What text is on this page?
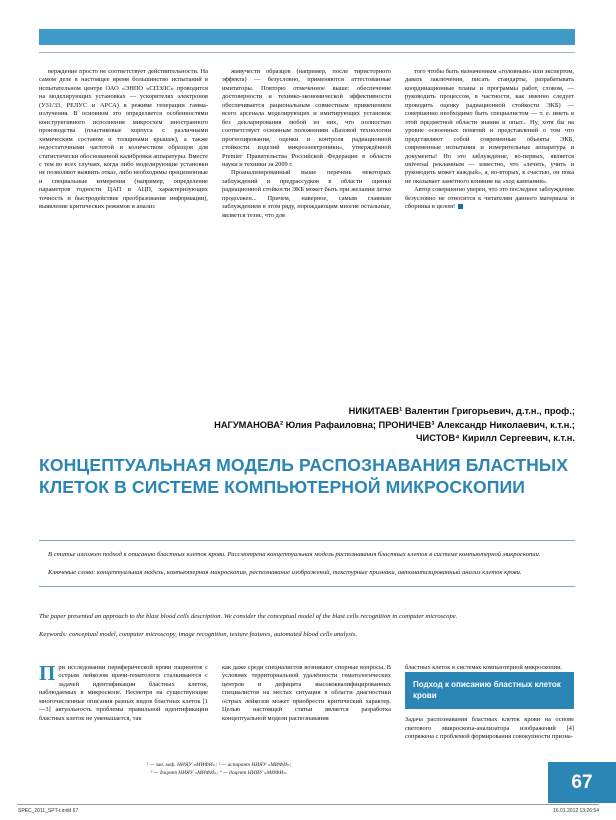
верждение просто не соответствует действительности. На самом деле в настоящее время большинство испытаний в испытательном центре ОАО «ЭНПО «СПЭЛС» проводится на моделирующих установках — ускорителях электронов (У31/33, РЕЛУС и АРСА) в режиме генерации гамма-излучения. В основном это определяется особенностями конструктивного исполнения микросхем иностранного производства (пластиковые корпуса с различными химическим составом и толщинами крышек), а также недостаточными частотой и количеством образцов для статистически обоснованной калибровки аппаратуры. Вместе с тем во всех случаях, когда либо моделирующие установки не позволяют выявить отказ, либо необходимы прецизионные и специальные измерения (например, определение параметров годности ЦАП и АЦП, характеризующих точность и быстродействие преобразования информации), выявление критических режимов и анализ

живучести образцов (например, после тиристорного эффекта) — безусловно, применяются аттестованные имитаторы. Повторю отмеченное выше: обеспечение достоверности и технико-экономической эффективности обеспечивается рациональным совместным применением всего арсенала моделирующих и имитирующих установок без декларирования любой из них, что полностью соответствует основным положениям «Базовой технологии прогнозирования, оценки и контроля радиационной стойкости изделий микроэлектроники», утверждённой Premier Правительства Российской Федерации в области науки и техники за 2009 г.

Проанализированный выше перечень некоторых заблуждений и предрассудков в области оценки радиационной стойкости ЭКБ может быть при желании легко продолжен... Причем, наверное, самым главным заблуждением в этом ряду, порождающим многие остальные, является тезис, что для

того чтобы быть назначенным «головным» или экспертом, давать заключения, писать стандарты, разрабатывать координационные планы и программы работ, словом, — руководить процессом, в частности, как именно следует проводить оценку радиационной стойкости ЭКБ) — совершенно необходимо быть специалистом — т. е. иметь в этой предметной области знания и опыт... Ну, хотя бы на уровне освоенных понятий и представлений о том что представляют собой современные объекты ЭКБ, современные испытания и измерительные аппаратура и документы! Но это заблуждение, во-первых, является universal рекламным — известно, что «лечить, учить и руководить может каждый», а, во-вторых, к счастью, он пока не оказывает заметного влияния на «ход кампании».

Автор совершенно уверен, что это последнее заблуждение безусловно не относится к читателям данного материала и сборника в целом!

НИКИТАЕВ¹ Валентин Григорьевич, д.т.н., проф.;
НАГУМАНОВА² Юлия Рафаиловна; ПРОНИЧЕВ³ Александр Николаевич, к.т.н.;
ЧИСТОВ⁴ Кирилл Сергеевич, к.т.н.
КОНЦЕПТУАЛЬНАЯ МОДЕЛЬ РАСПОЗНАВАНИЯ БЛАСТНЫХ КЛЕТОК В СИСТЕМЕ КОМПЬЮТЕРНОЙ МИКРОСКОПИИ

В статье изложен подход к описанию бластных клеток крови. Рассмотрена концептуальная модель распознавания бластных клеток в системе компьютерной микроскопии.

Ключевые слова: концептуальная модель, компьютерная микроскопия, распознавание изображений, текстурные признаки, автоматизированный анализ клеток крови.

The paper presented an approach to the blast blood cells description. We consider the conceptual model of the blast cells recognition in computer microscope.

Keywords: conceptual model, computer microscopy, image recognition, texture features, automated blood cells analysis.

При исследовании периферической крови пациентов с острым лейкозом врачи-гематологи сталкиваются с задачей идентификации бластных клеток, наблюдаемых в микроскопе. Несмотря на существующие многочисленные описания разных видов бластных клеток [1—3] актуальность проблемы правильной идентификации бластных клеток не уменьшается, так

как даже среди специалистов возникают спорные вопросы. В условиях территориальной удалённости гематологических центров и дефицита высококвалифицированных специалистов на местах ситуация в области диагностики острых лейкозов может приобрести критический характер. Целью настоящей статьи является разработка концептуальной модели распознавания

бластных клеток в системах компьютерной микроскопии.

Подход к описанию бластных клеток крови

Задача распознавания бластных клеток крови на основе светового микроскопа-анализатора изображений [4] сопряжена с проблемой формирования совокупности призна-

¹ — зав. каф. НИЯУ «МИФИ»; ² — аспирант НИЯУ «МИФИ»;
³ — доцент НИЯУ «МИФИ»; ⁴ — доцент НИЯУ «МИФИ».	67
SPEC_2011_SPT-t.indd 67	16.01.2012 13:26:54
